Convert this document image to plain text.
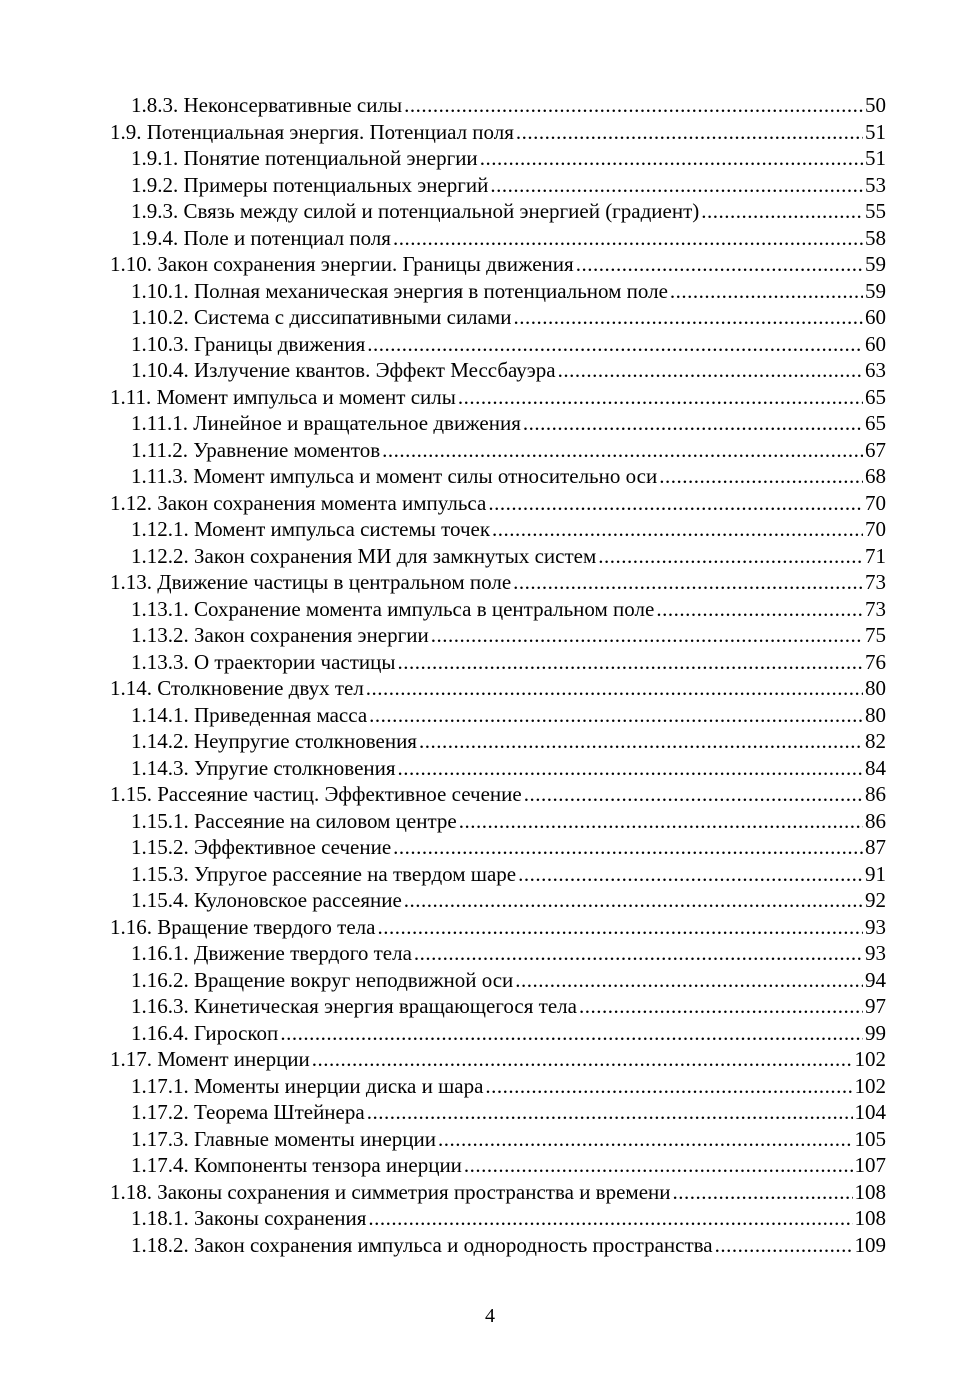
1.8.3. Неконсервативные силы .....	50
1.9. Потенциальная энергия. Потенциал поля .....	51
1.9.1. Понятие потенциальной энергии .....	51
1.9.2. Примеры потенциальных энергий .....	53
1.9.3. Связь между силой и потенциальной энергией (градиент) .....	55
1.9.4. Поле и потенциал поля .....	58
1.10. Закон сохранения энергии. Границы движения .....	59
1.10.1. Полная механическая энергия в потенциальном поле .....	59
1.10.2. Система с диссипативными силами .....	60
1.10.3. Границы движения .....	60
1.10.4. Излучение квантов. Эффект Мессбауэра .....	63
1.11. Момент импульса и момент силы .....	65
1.11.1. Линейное и вращательное движения .....	65
1.11.2. Уравнение моментов .....	67
1.11.3. Момент импульса и момент силы относительно оси .....	68
1.12. Закон сохранения момента импульса .....	70
1.12.1. Момент импульса системы точек .....	70
1.12.2. Закон сохранения МИ для замкнутых систем .....	71
1.13. Движение частицы в центральном поле .....	73
1.13.1. Сохранение момента импульса в центральном поле .....	73
1.13.2. Закон сохранения энергии .....	75
1.13.3. О траектории частицы .....	76
1.14. Столкновение двух тел .....	80
1.14.1. Приведенная масса .....	80
1.14.2. Неупругие столкновения .....	82
1.14.3. Упругие столкновения .....	84
1.15. Рассеяние частиц. Эффективное сечение .....	86
1.15.1. Рассеяние на силовом центре .....	86
1.15.2. Эффективное сечение .....	87
1.15.3. Упругое рассеяние на твердом шаре .....	91
1.15.4. Кулоновское рассеяние .....	92
1.16. Вращение твердого тела .....	93
1.16.1. Движение твердого тела .....	93
1.16.2. Вращение вокруг неподвижной оси .....	94
1.16.3. Кинетическая энергия вращающегося тела .....	97
1.16.4. Гироскоп .....	99
1.17. Момент инерции .....	102
1.17.1. Моменты инерции диска и шара .....	102
1.17.2. Теорема Штейнера .....	104
1.17.3. Главные моменты инерции .....	105
1.17.4. Компоненты тензора инерции .....	107
1.18. Законы сохранения и симметрия пространства и времени .....	108
1.18.1. Законы сохранения .....	108
1.18.2. Закон сохранения импульса и однородность пространства .....	109
4
